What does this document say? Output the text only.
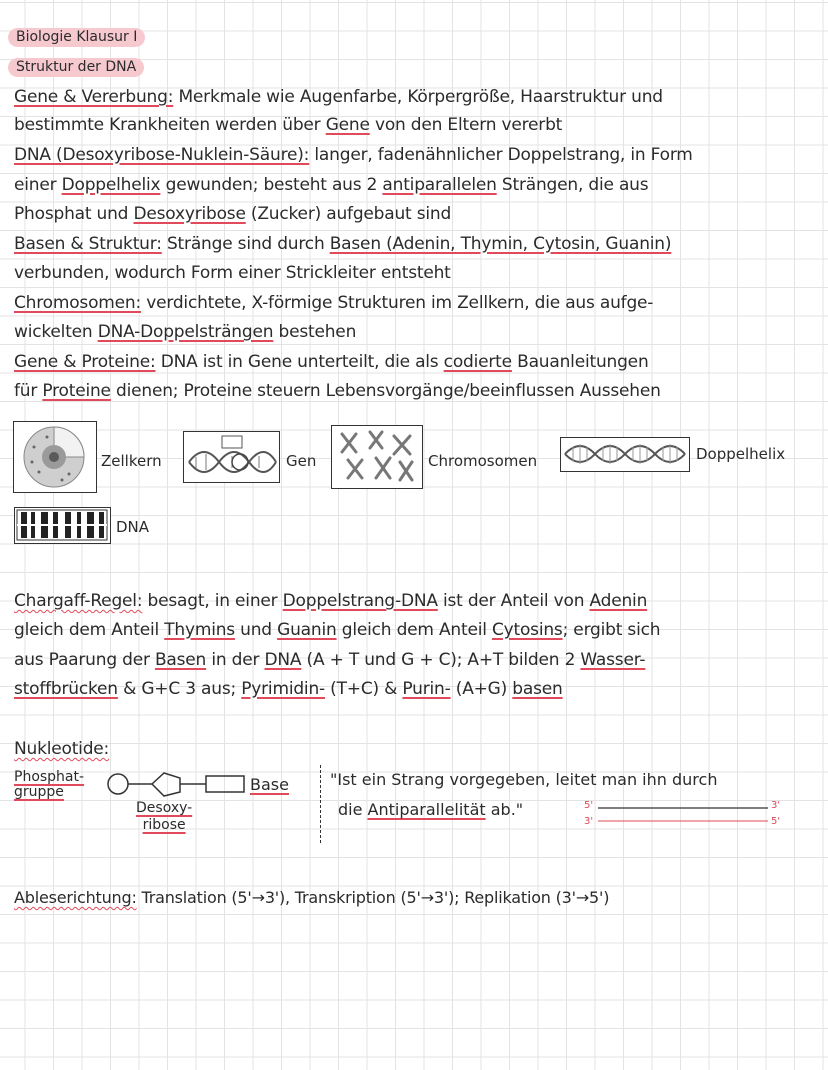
Biologie Klausur I
Struktur der DNA
Gene & Vererbung: Merkmale wie Augenfarbe, Körpergröße, Haarstruktur und
bestimmte Krankheiten werden über Gene von den Eltern vererbt
DNA (Desoxyribose-Nuklein-Säure): langer, fadenähnlicher Doppelstrang, in Form
einer Doppelhelix gewunden; besteht aus 2 antiparallelen Strängen, die aus
Phosphat und Desoxyribose (Zucker) aufgebaut sind
Basen & Struktur: Stränge sind durch Basen (Adenin, Thymin, Cytosin, Guanin)
verbunden, wodurch Form einer Strickleiter entsteht
Chromosomen: verdichtete, X-förmige Strukturen im Zellkern, die aus aufge-
wickelten DNA-Doppelsträngen bestehen
Gene & Proteine: DNA ist in Gene unterteilt, die als codierte Bauanleitungen
für Proteine dienen; Proteine steuern Lebensvorgänge/beeinflussen Aussehen
Zellkern	Gen	Chromosomen	Doppelhelix
DNA
Chargaff-Regel: besagt, in einer Doppelstrang-DNA ist der Anteil von Adenin
gleich dem Anteil Thymins und Guanin gleich dem Anteil Cytosins; ergibt sich
aus Paarung der Basen in der DNA (A + T und G + C); A+T bilden 2 Wasser-
stoffbrücken & G+C 3 aus; Pyrimidin- (T+C) & Purin- (A+G) basen
Nukleotide:
Phosphat-
gruppe	Base
Desoxy-
ribose
"Ist ein Strang vorgegeben, leitet man ihn durch
die Antiparallelität ab."	5'	3'
3'	5'
Ableserichtung: Translation (5'→3'), Transkription (5'→3'); Replikation (3'→5')
